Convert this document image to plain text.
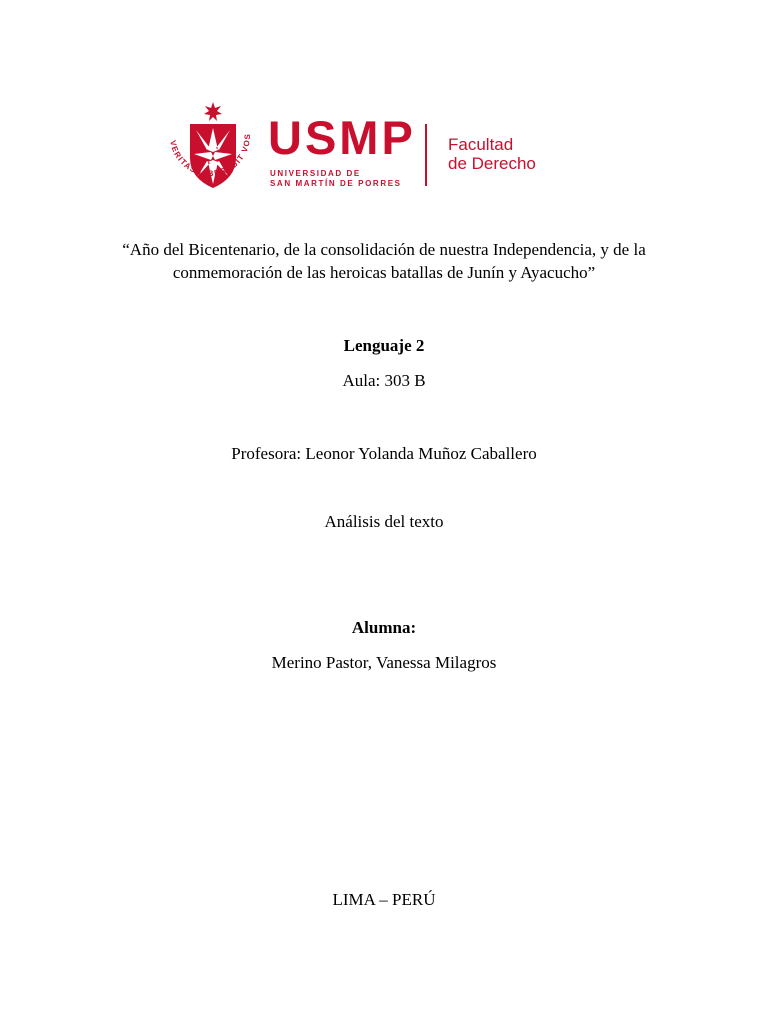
VERITAS LIBERABIT VOS USMP
UNIVERSIDAD DE
SAN MARTÍN DE PORRES
Facultad
de Derecho
“Año del Bicentenario, de la consolidación de nuestra Independencia, y de la
conmemoración de las heroicas batallas de Junín y Ayacucho”
Lenguaje 2
Aula: 303 B
Profesora: Leonor Yolanda Muñoz Caballero
Análisis del texto
Alumna:
Merino Pastor, Vanessa Milagros
LIMA – PERÚ
